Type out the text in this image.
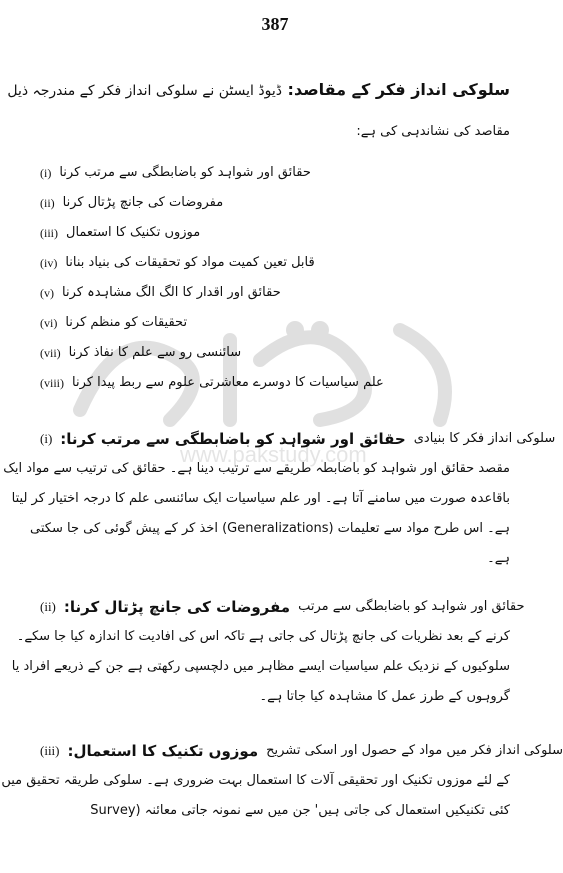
387
سلوکی انداز فکر کے مقاصد: ڈیوڈ ایسٹن نے سلوکی انداز فکر کے مندرجہ ذیل
مقاصد کی نشاندہی کی ہے:
(i) حقائق اور شواہد کو باضابطگی سے مرتب کرنا
(ii) مفروضات کی جانچ پڑتال کرنا
(iii) موزوں تکنیک کا استعمال
(iv) قابل تعین کمیت مواد کو تحقیقات کی بنیاد بنانا
(v) حقائق اور اقدار کا الگ الگ مشاہدہ کرنا
(vi) تحقیقات کو منظم کرنا
(vii) سائنسی رو سے علم کا نفاذ کرنا
(viii) علم سیاسیات کا دوسرے معاشرتی علوم سے ربط پیدا کرنا
(i) حقائق اور شواہد کو باضابطگی سے مرتب کرنا: سلوکی انداز فکر کا بنیادی

مقصد حقائق اور شواہد کو باضابطہ طریقے سے ترتیب دینا ہے۔ حقائق کی ترتیب سے مواد ایک

باقاعدہ صورت میں سامنے آتا ہے۔ اور علم سیاسیات ایک سائنسی علم کا درجہ اختیار کر لیتا

ہے۔ اس طرح مواد سے تعلیمات (Generalizations) اخذ کر کے پیش گوئی کی جا سکتی

ہے۔

(ii) مفروضات کی جانچ پڑتال کرنا: حقائق اور شواہد کو باضابطگی سے مرتب

کرنے کے بعد نظریات کی جانچ پڑتال کی جاتی ہے تاکہ اس کی افادیت کا اندازہ کیا جا سکے۔

سلوکیوں کے نزدیک علم سیاسیات ایسے مظاہر میں دلچسپی رکھتی ہے جن کے ذریعے افراد یا

گروہوں کے طرز عمل کا مشاہدہ کیا جاتا ہے۔

(iii) موزوں تکنیک کا استعمال: سلوکی انداز فکر میں مواد کے حصول اور اسکی تشریح

کے لئے موزوں تکنیک اور تحقیقی آلات کا استعمال بہت ضروری ہے۔ سلوکی طریقہ تحقیق میں

کئی تکنیکیں استعمال کی جاتی ہیں' جن میں سے نمونہ جاتی معائنہ (Survey

www.pakstudy.com
